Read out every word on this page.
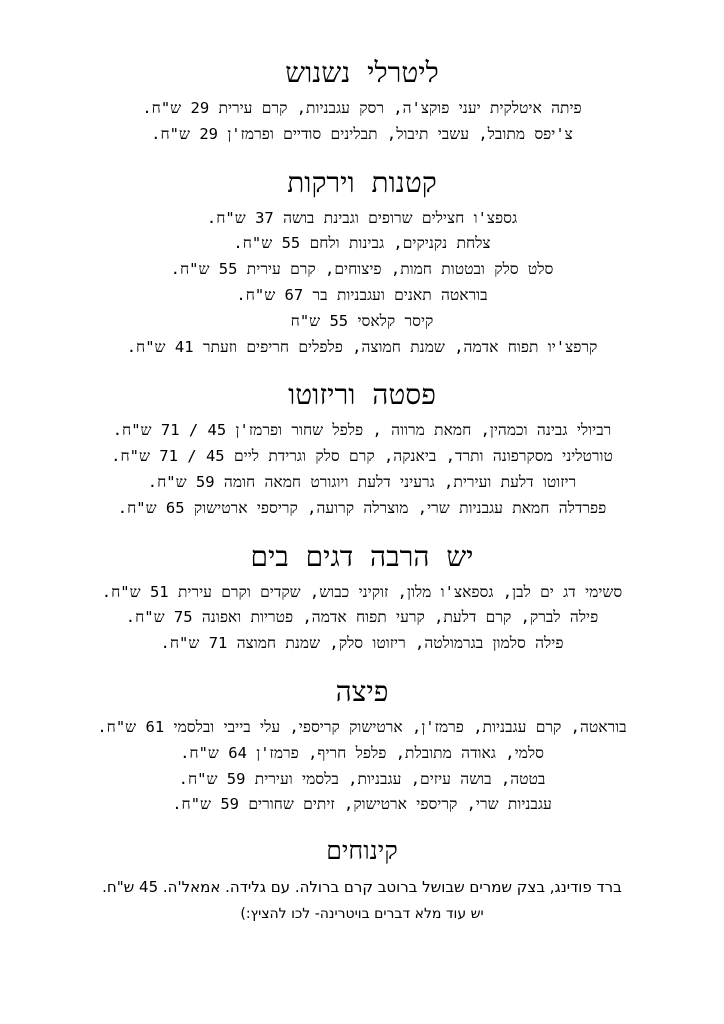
ליטרלי נשנוש
פיתה איטלקית יעני פוקצ'ה, רסק עגבניות, קרם עירית 29 ש"ח.
צ'יפס מתובל, עשבי תיבול, תבלינים סודיים ופרמז'ן 29 ש"ח.
קטנות וירקות
גספצ'ו חצילים שרופים וגבינת בושה 37 ש"ח.
צלחת נקניקים, גבינות ולחם 55 ש"ח.
סלט סלק ובטטות חמות, פיצוחים, קרם עירית 55 ש"ח.
בוראטה תאנים ועגבניות בר 67 ש"ח.
קיסר קלאסי 55 ש"ח
קרפצ'יו תפוח אדמה, שמנת חמוצה, פלפלים חריפים וזעתר 41 ש"ח.
פסטה וריזוטו
רביולי גבינה וכמהין, חמאת מרווה , פלפל שחור ופרמז'ן 45 / 71 ש"ח.
טורטליני מסקרפונה ותרד, ביאנקה, קרם סלק וגרידת ליים 45 / 71 ש"ח.
ריזוטו דלעת ועירית, גרעיני דלעת ויוגורט חמאה חומה 59 ש"ח.
פפרדלה חמאת עגבניות שרי, מוצרלה קרועה, קריספי ארטישוק 65 ש"ח.
יש הרבה דגים בים
סשימי דג ים לבן, גספאצ'ו מלון, זוקיני כבוש, שקדים וקרם עירית 51 ש"ח.
פילה לברק, קרם דלעת, קרעי תפוח אדמה, פטריות ואפונה 75 ש"ח.
פילה סלמון בגרמולטה, ריזוטו סלק, שמנת חמוצה 71 ש"ח.
פיצה
בוראטה, קרם עגבניות, פרמז'ן, ארטישוק קריספי, עלי בייבי ובלסמי 61 ש"ח.
סלמי, גאודה מתובלת, פלפל חריף, פרמז'ן 64 ש"ח.
בטטה, בושה עיזים, עגבניות, בלסמי ועירית 59 ש"ח.
עגבניות שרי, קריספי ארטישוק, זיתים שחורים 59 ש"ח.
קינוחים
ברד פודינג, בצק שמרים שבושל ברוטב קרם ברולה. עם גלידה. אמאל'ה. 45 ש"ח.
יש עוד מלא דברים בויטרינה- לכו להציץ:)
